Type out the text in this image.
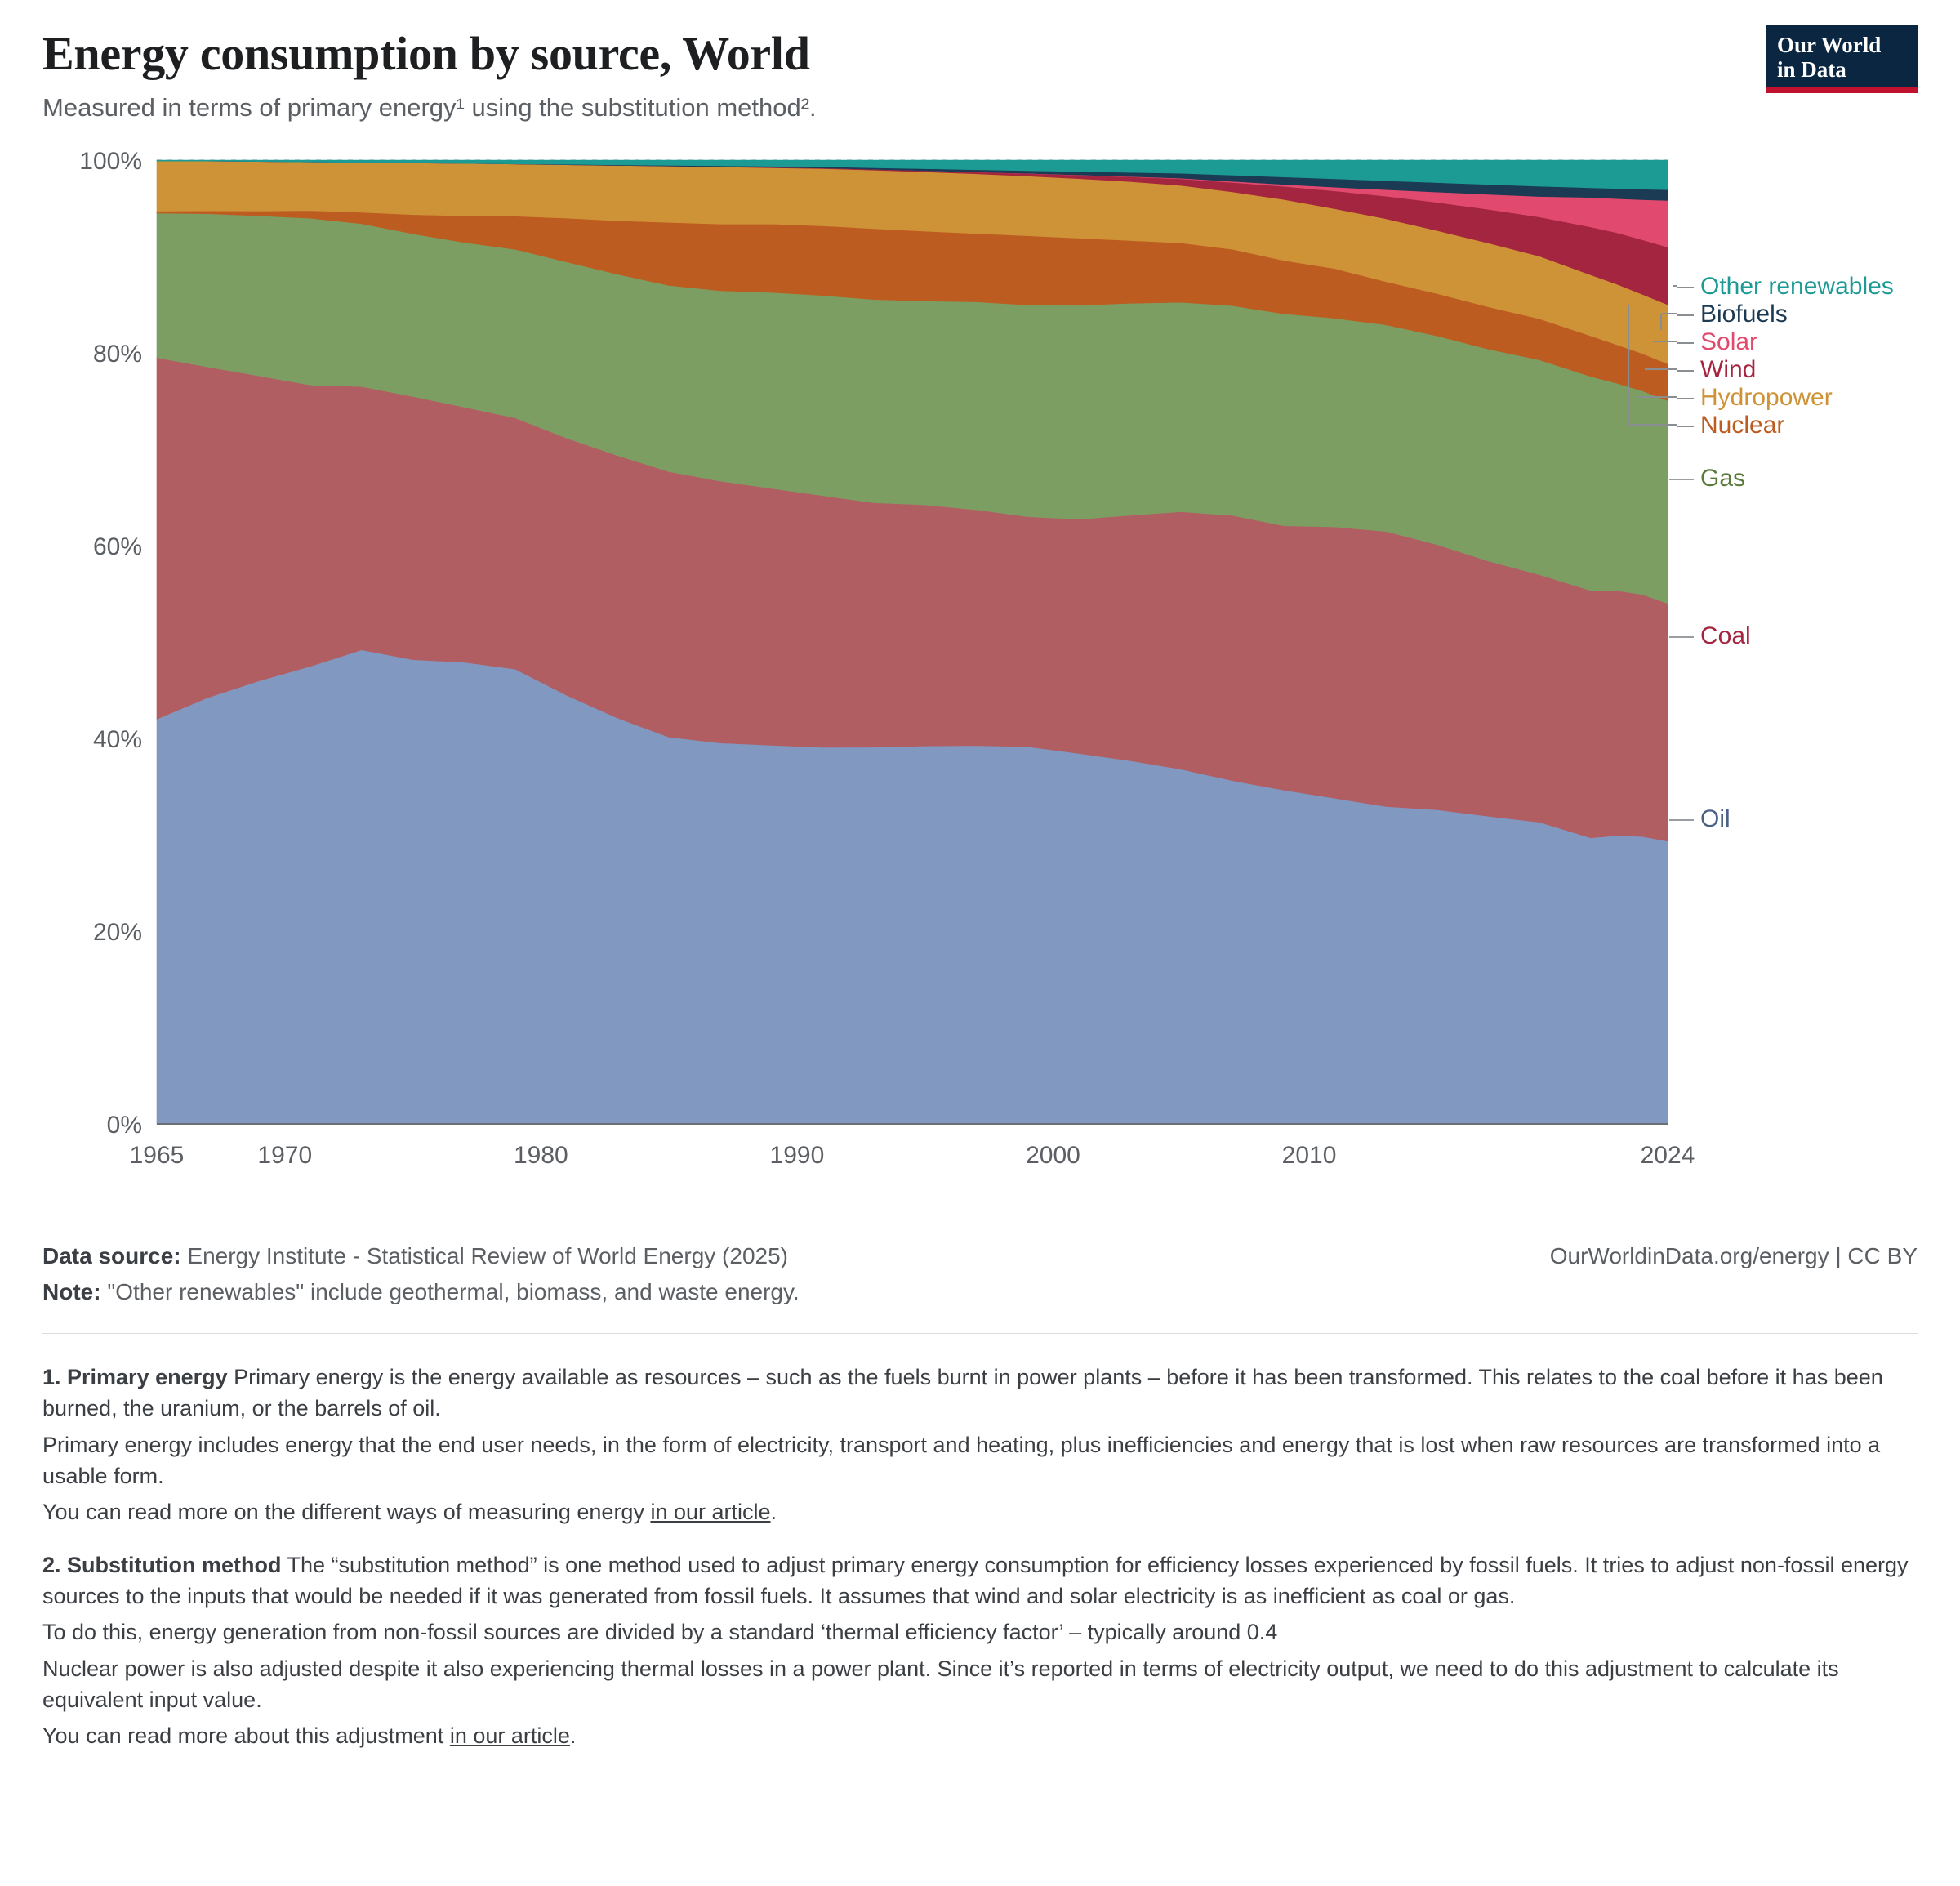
Energy consumption by source, World

Measured in terms of primary energy¹ using the substitution method².

Our World
in Data
0%
20%
40%
60%
80%
100%
1965	1970	1980	1990	2000	2010	2024
Other renewables
Biofuels
Solar
Wind
Hydropower
Nuclear
Gas
Coal
Oil
Data source: Energy Institute - Statistical Review of World Energy (2025)	OurWorldinData.org/energy | CC BY
Note: "Other renewables" include geothermal, biomass, and waste energy.

1. Primary energy Primary energy is the energy available as resources – such as the fuels burnt in power plants – before it has been transformed. This relates to the coal before it has been burned, the uranium, or the barrels of oil.

Primary energy includes energy that the end user needs, in the form of electricity, transport and heating, plus inefficiencies and energy that is lost when raw resources are transformed into a usable form.

You can read more on the different ways of measuring energy in our article.

2. Substitution method The “substitution method” is one method used to adjust primary energy consumption for efficiency losses experienced by fossil fuels. It tries to adjust non-fossil energy sources to the inputs that would be needed if it was generated from fossil fuels. It assumes that wind and solar electricity is as inefficient as coal or gas.

To do this, energy generation from non-fossil sources are divided by a standard ‘thermal efficiency factor’ – typically around 0.4

Nuclear power is also adjusted despite it also experiencing thermal losses in a power plant. Since it’s reported in terms of electricity output, we need to do this adjustment to calculate its equivalent input value.

You can read more about this adjustment in our article.
